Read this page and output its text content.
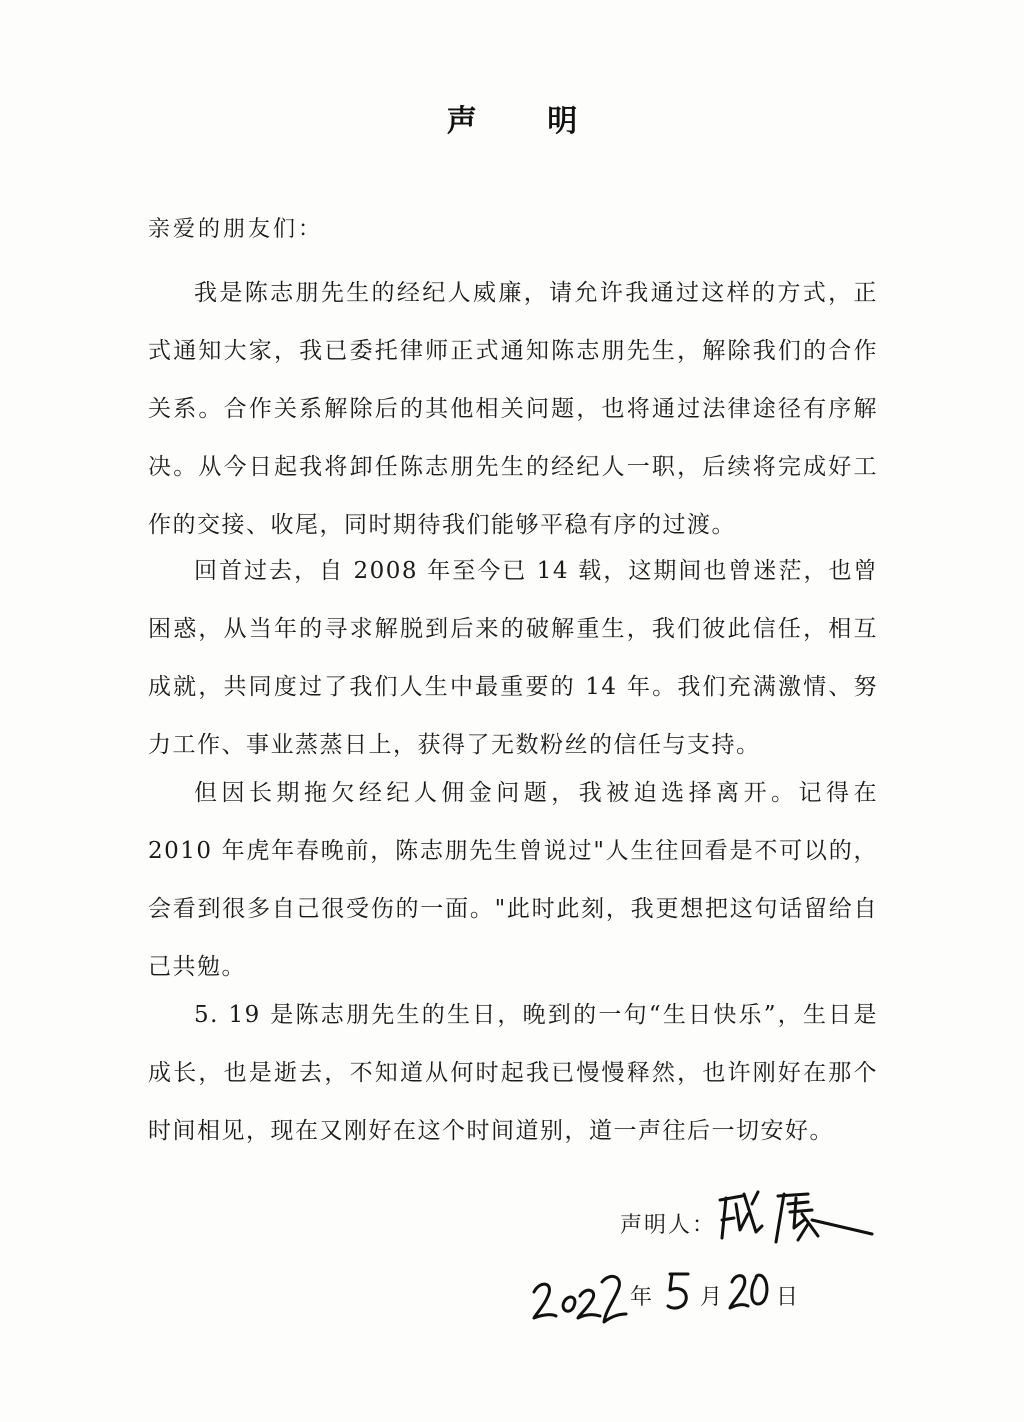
声 明
亲爱的朋友们：
我是陈志朋先生的经纪人威廉，请允许我通过这样的方式，正式通知大家，我已委托律师正式通知陈志朋先生，解除我们的合作关系。合作关系解除后的其他相关问题，也将通过法律途径有序解决。从今日起我将卸任陈志朋先生的经纪人一职，后续将完成好工作的交接、收尾，同时期待我们能够平稳有序的过渡。
回首过去，自 2008 年至今已 14 载，这期间也曾迷茫，也曾困惑，从当年的寻求解脱到后来的破解重生，我们彼此信任，相互成就，共同度过了我们人生中最重要的 14 年。我们充满激情、努力工作、事业蒸蒸日上，获得了无数粉丝的信任与支持。
但因长期拖欠经纪人佣金问题，我被迫选择离开。记得在 2010 年虎年春晚前，陈志朋先生曾说过"人生往回看是不可以的，会看到很多自己很受伤的一面。"此时此刻，我更想把这句话留给自己共勉。
5. 19 是陈志朋先生的生日，晚到的一句“生日快乐”，生日是成长，也是逝去，不知道从何时起我已慢慢释然，也许刚好在那个时间相见，现在又刚好在这个时间道别，道一声往后一切安好。
声明人：
年 月 日
